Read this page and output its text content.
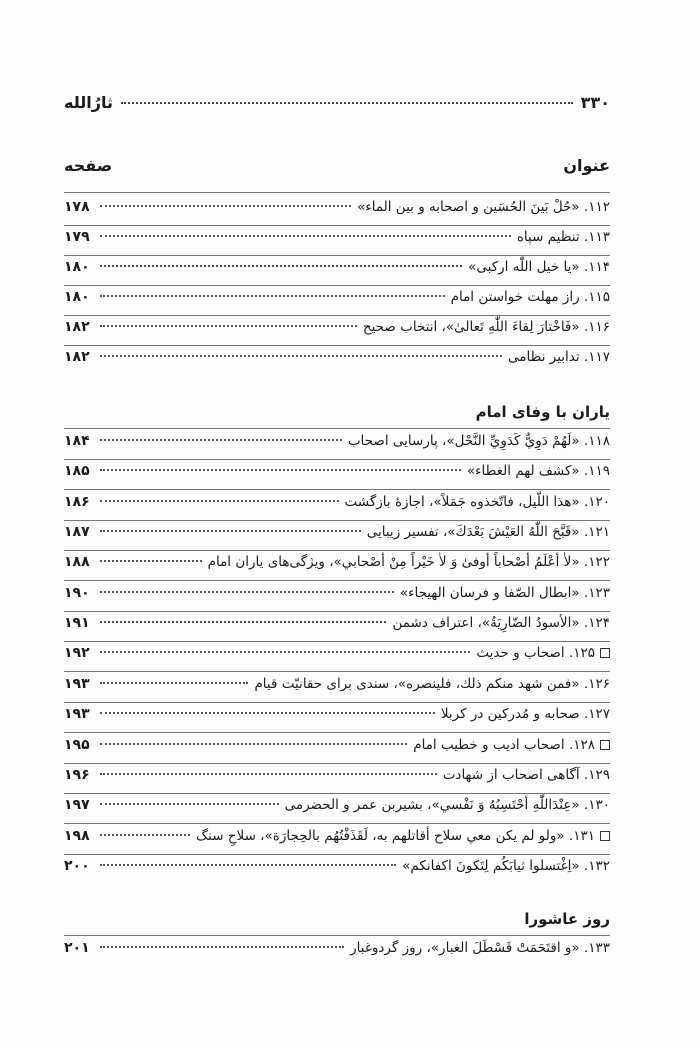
۳۳۰
ثارُالله
عنوان
صفحه
۱۱۲. «حُلْ بَينَ الحُسَين و اصحابه و بين الماء»
۱۷۸
۱۱۳. تنظیم سپاه
۱۷۹
۱۱۴. «یا خیل اللّٰه ارکبی»
۱۸۰
۱۱۵. راز مهلت خواستن امام
۱۸۰
۱۱۶. «فَاخْتارَ لِقاءَ اللّٰهِ تَعالىٰ»، انتخاب صحیح
۱۸۲
۱۱۷. تدابیر نظامی
۱۸۲
یاران با وفای امام
۱۱۸. «لَهُمْ دَوِيٌّ كَدَوِيِّ النَّحْل»، پارسایی اصحاب
۱۸۴
۱۱۹. «کشف لهم الغطاء»
۱۸۵
۱۲۰. «هذا اللّيل، فاتّخذوه جَمَلاً»، اجازهٔ بازگشت
۱۸۶
۱۲۱. «قَبَّحَ اللّٰهُ العَيْشَ بَعْدَكَ»، تفسیر زیبایی
۱۸۷
۱۲۲. «لاٰ أعْلَمُ أصْحاباً أوفىٰ وَ لاٰ خَيْراً مِنْ أصْحابي»، ویژگی‌های یاران امام
۱۸۸
۱۲۳. «ابطال الصّفا و فرسان الهيجاء»
۱۹۰
۱۲۴. «الأسودُ الضّارِيَةُ»، اعتراف دشمن
۱۹۱
۱۲۵. اصحاب و حدیث
۱۹۲
۱۲۶. «فمن شهد منكم ذلك، فلينصره»، سندی برای حقانیّت قیام
۱۹۳
۱۲۷. صحابه و مُدرکین در کربلا
۱۹۳
۱۲۸. اصحاب ادیب و خطیب امام
۱۹۵
۱۲۹. آگاهی اصحاب از شهادت
۱۹۶
۱۳۰. «عِنْدَاللّٰهِ أحْتَسِبُهُ وَ نَفْسي»، بشیربن عمر و الحضرمی
۱۹۷
۱۳۱. «ولو لم يكن معي سلاح أقاتلهم به، لَقَذَفْتُهُم بالحِجارَة»، سلاحِ سنگ
۱۹۸
۱۳۲. «اِغْتسلوا ثيابَكُم لِتَكونَ اكفانكم»
۲۰۰
روز عاشورا
۱۳۳. «و اقتَحَمَتْ قَسْطَلَ الغبار»، روز گردوغبار
۲۰۱
